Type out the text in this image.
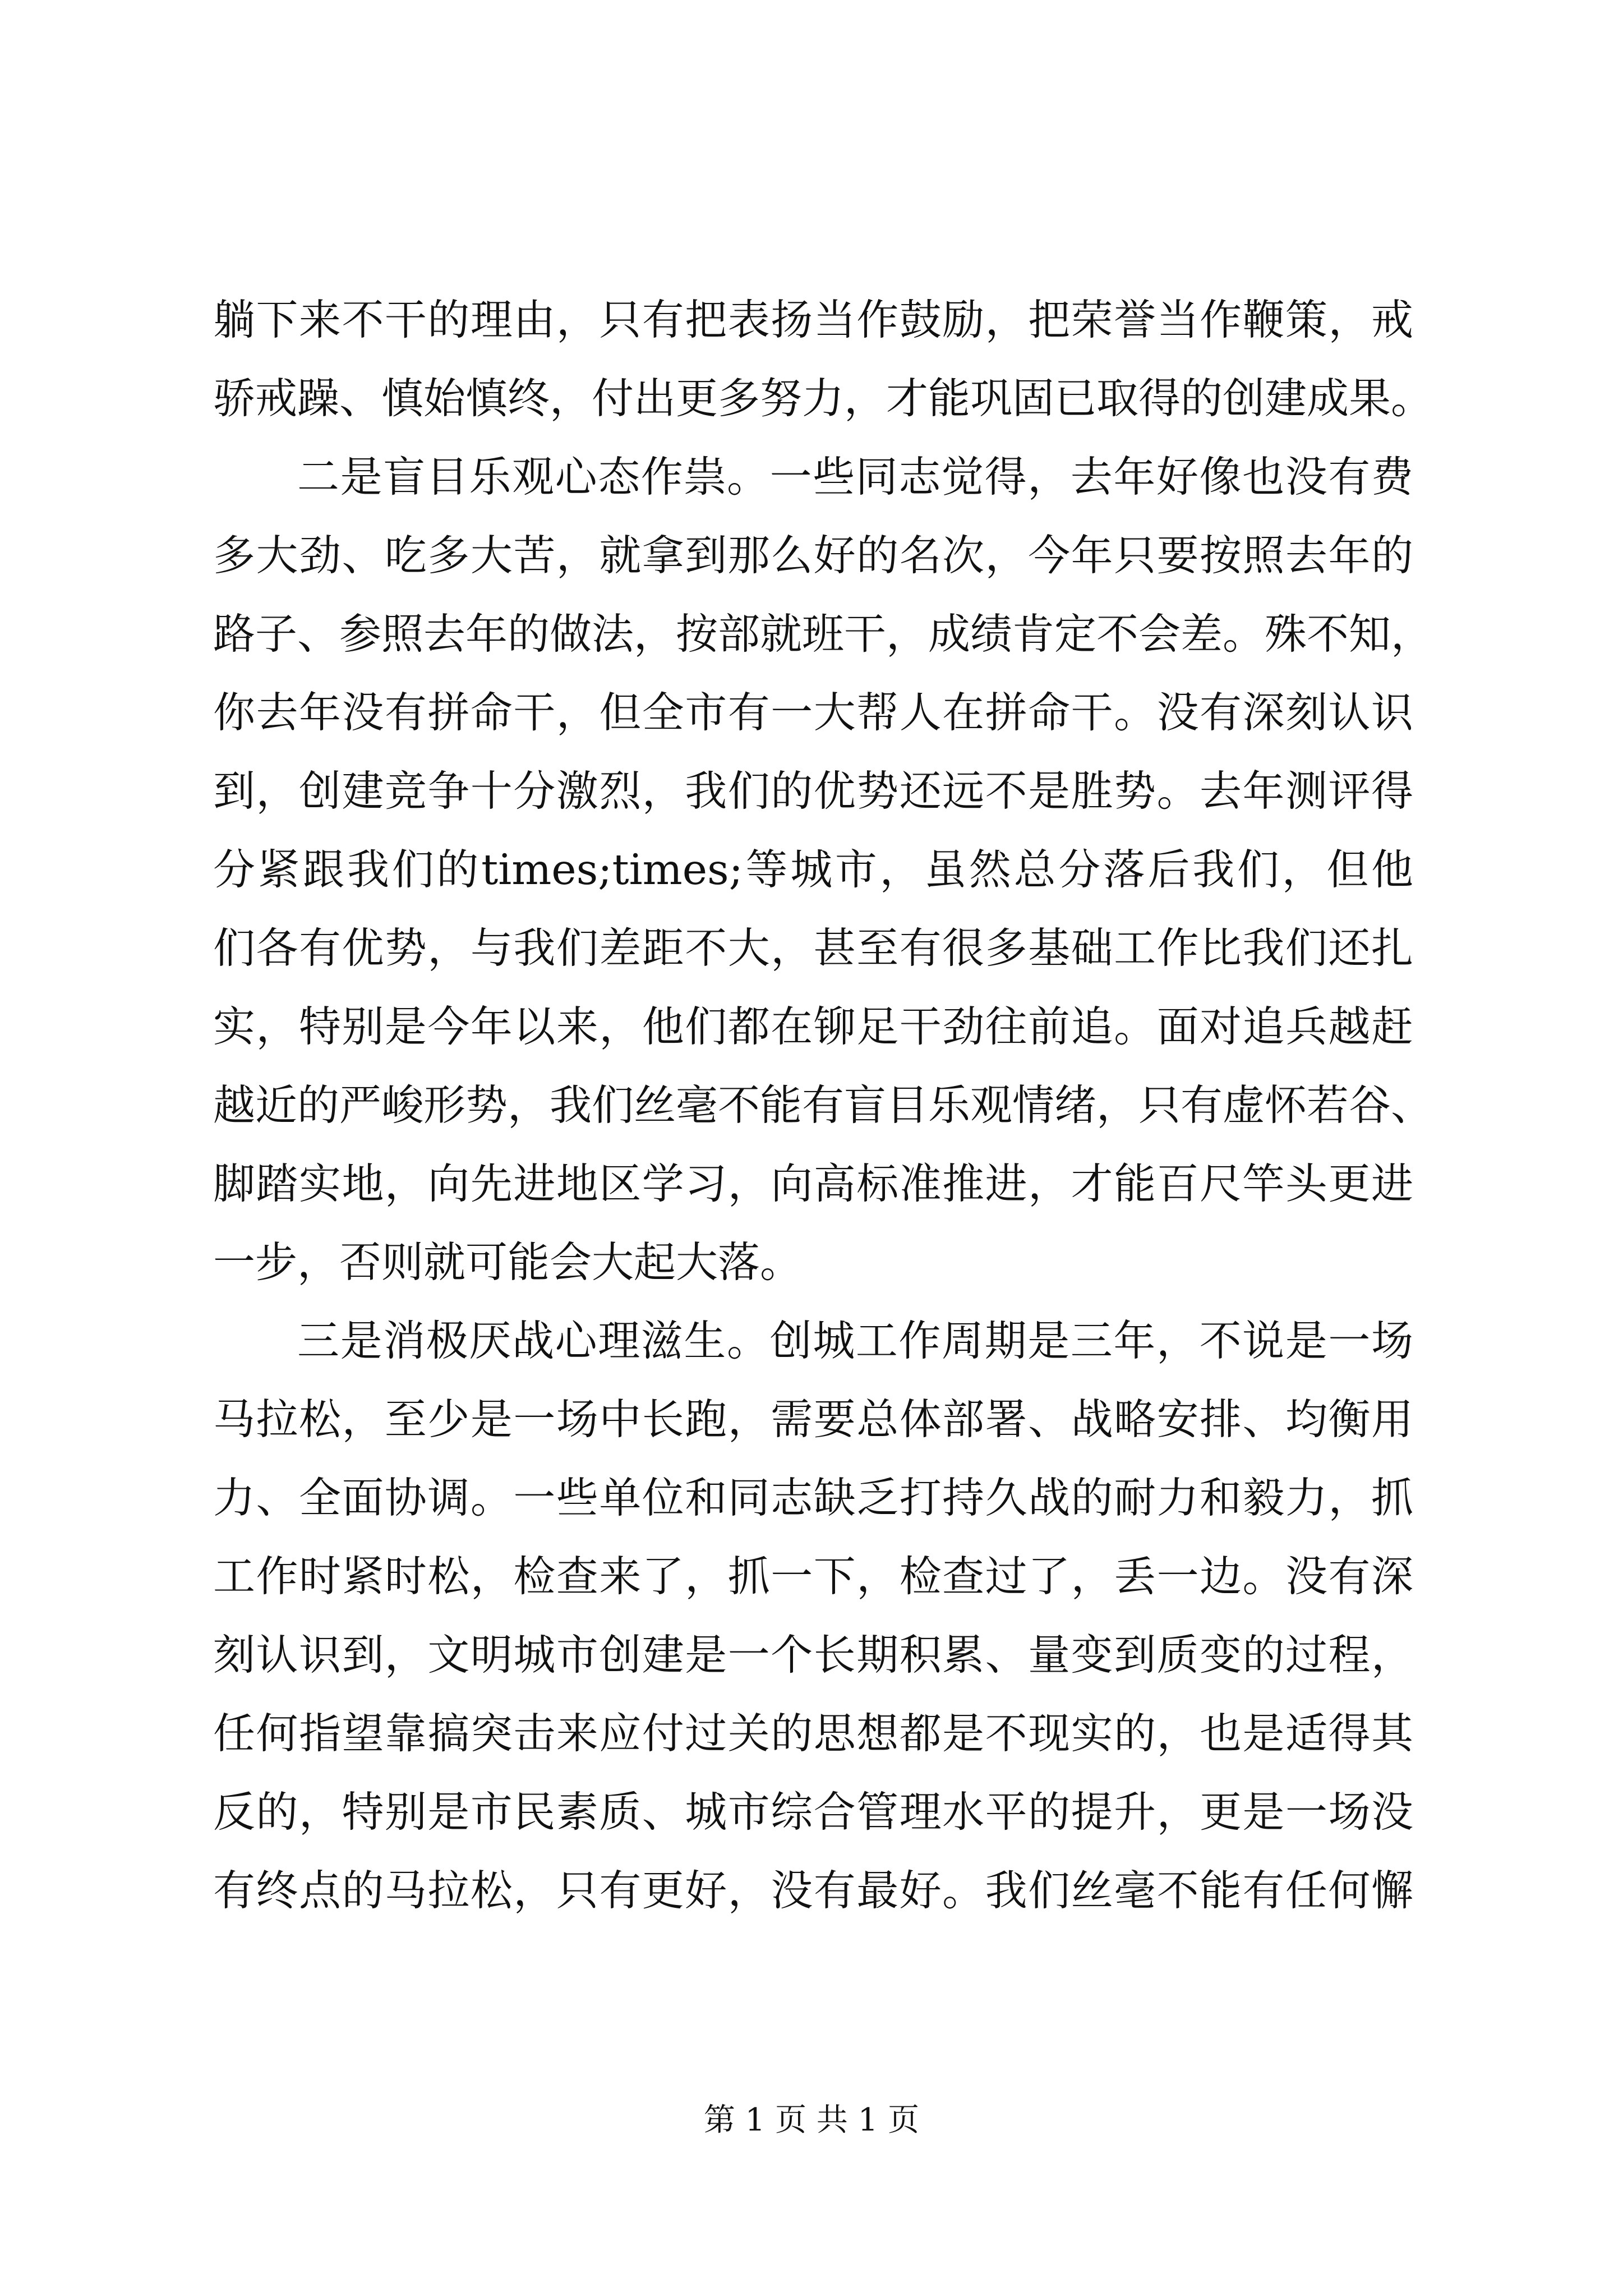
躺下来不干的理由，只有把表扬当作鼓励，把荣誉当作鞭策，戒
骄戒躁、慎始慎终，付出更多努力，才能巩固已取得的创建成果。
二是盲目乐观心态作祟。一些同志觉得，去年好像也没有费
多大劲、吃多大苦，就拿到那么好的名次，今年只要按照去年的
路子、参照去年的做法，按部就班干，成绩肯定不会差。殊不知，
你去年没有拼命干，但全市有一大帮人在拼命干。没有深刻认识
到，创建竞争十分激烈，我们的优势还远不是胜势。去年测评得
分紧跟我们的times;times;等城市，虽然总分落后我们，但他
们各有优势，与我们差距不大，甚至有很多基础工作比我们还扎
实，特别是今年以来，他们都在铆足干劲往前追。面对追兵越赶
越近的严峻形势，我们丝毫不能有盲目乐观情绪，只有虚怀若谷、
脚踏实地，向先进地区学习，向高标准推进，才能百尺竿头更进
一步，否则就可能会大起大落。
三是消极厌战心理滋生。创城工作周期是三年，不说是一场
马拉松，至少是一场中长跑，需要总体部署、战略安排、均衡用
力、全面协调。一些单位和同志缺乏打持久战的耐力和毅力，抓
工作时紧时松，检查来了，抓一下，检查过了，丢一边。没有深
刻认识到，文明城市创建是一个长期积累、量变到质变的过程，
任何指望靠搞突击来应付过关的思想都是不现实的，也是适得其
反的，特别是市民素质、城市综合管理水平的提升，更是一场没
有终点的马拉松，只有更好，没有最好。我们丝毫不能有任何懈
第 1 页 共 1 页
